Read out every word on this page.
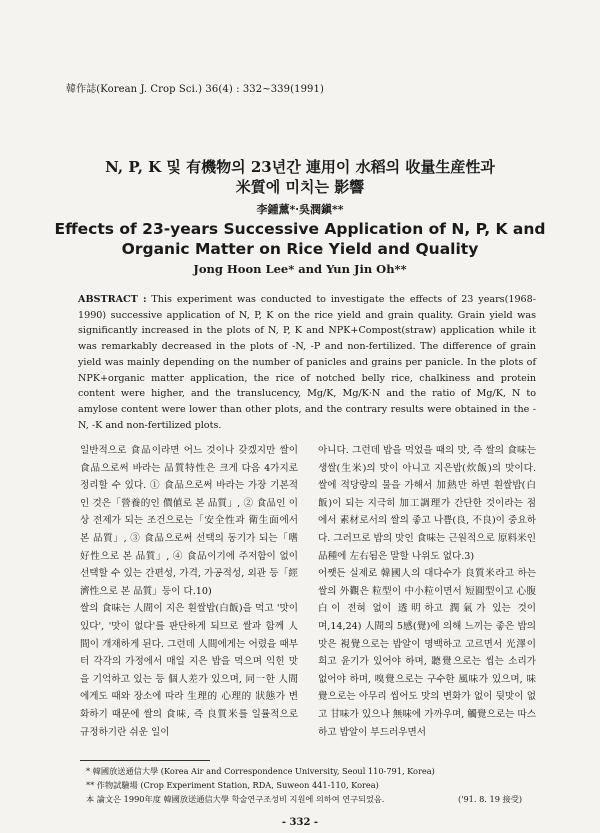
韓作誌(Korean J. Crop Sci.) 36(4) : 332~339(1991)
N, P, K 및 有機物의 23년간 連用이 水稻의 收量生産性과
米質에 미치는 影響
李鍾薰*·吳潤鎭**
Effects of 23-years Successive Application of N, P, K and
Organic Matter on Rice Yield and Quality
Jong Hoon Lee* and Yun Jin Oh**
ABSTRACT : This experiment was conducted to investigate the effects of 23 years(1968-1990) successive application of N, P, K on the rice yield and grain quality. Grain yield was significantly increased in the plots of N, P, K and NPK+Compost(straw) application while it was remarkably decreased in the plots of -N, -P and non-fertilized. The difference of grain yield was mainly depending on the number of panicles and grains per panicle. In the plots of NPK+organic matter application, the rice of notched belly rice, chalkiness and protein content were higher, and the translucency, Mg/K, Mg/K·N and the ratio of Mg/K, N to amylose content were lower than other plots, and the contrary results were obtained in the -N, -K and non-fertilized plots.

일반적으로 食品이라면 어느 것이나 갖겠지만 쌀이 食品으로써 바라는 品質特性은 크게 다음 4가지로 정리할 수 있다. ① 食品으로써 바라는 가장 기본적인 것은「營養的인 價値로 본 品質」, ② 食品인 이상 전제가 되는 조건으로는「安全性과 衛生面에서 본 品質」, ③ 食品으로써 선택의 동기가 되는「嗜好性으로 본 品質」, ④ 食品이기에 주저함이 없이 선택할 수 있는 간편성, 가격, 가공적성, 외관 등「經濟性으로 본 品質」등이 다.10)

쌀의 食味는 人間이 지은 흰쌀밥(白飯)을 먹고 '맛이 있다', '맛이 없다'를 판단하게 되므로 쌀과 함께 人間이 개재하게 된다. 그런데 人間에게는 어렸을 때부터 각각의 가정에서 매일 지은 밥을 먹으며 익힌 맛을 기억하고 있는 등 個人差가 있으며, 同一한 人間에게도 때와 장소에 따라 生理的 心理的 狀態가 변화하기 때문에 쌀의 食味, 즉 良質米를 일률적으로 규정하기란 쉬운 일이

아니다. 그런데 밥을 먹었을 때의 맛, 즉 쌀의 食味는 생쌀(生米)의 맛이 아니고 지은밥(炊飯)의 맛이다. 쌀에 적당량의 물을 가해서 加熱만 하면 흰쌀밥(白飯)이 되는 지극히 加工調理가 간단한 것이라는 점에서 素材로서의 쌀의 좋고 나쁨(良, 不良)이 중요하다. 그러므로 밥의 맛인 食味는 근원적으로 原料米인 品種에 左右됨은 말할 나위도 없다.3)

어쨋든 실제로 韓國人의 대다수가 良質米라고 하는 쌀의 外觀은 粒型이 中小粒이면서 短圓型이고 心腹白이 전혀 없이 透明하고 潤氣가 있는 것이며,14,24) 人間의 5感(覺)에 의해 느끼는 좋은 밥의 맛은 視覺으로는 밥알이 명백하고 고르면서 光澤이 희고 윤기가 있어야 하며, 聽覺으로는 씹는 소리가 없어야 하며, 嗅覺으로는 구수한 風味가 있으며, 味覺으로는 아무리 씹어도 맛의 변화가 없이 뒷맛이 없고 甘味가 있으나 無味에 가까우며, 觸覺으로는 따스하고 밥알이 부드러우면서

* 韓國放送通信大學 (Korea Air and Correspondence University, Seoul 110-791, Korea)
** 作物試驗場 (Crop Experiment Station, RDA, Suweon 441-110, Korea)
本 論文은 1990年度 韓國放送通信大學 학술연구조성비 지원에 의하여 연구되었음.	('91. 8. 19 接受)
- 332 -
